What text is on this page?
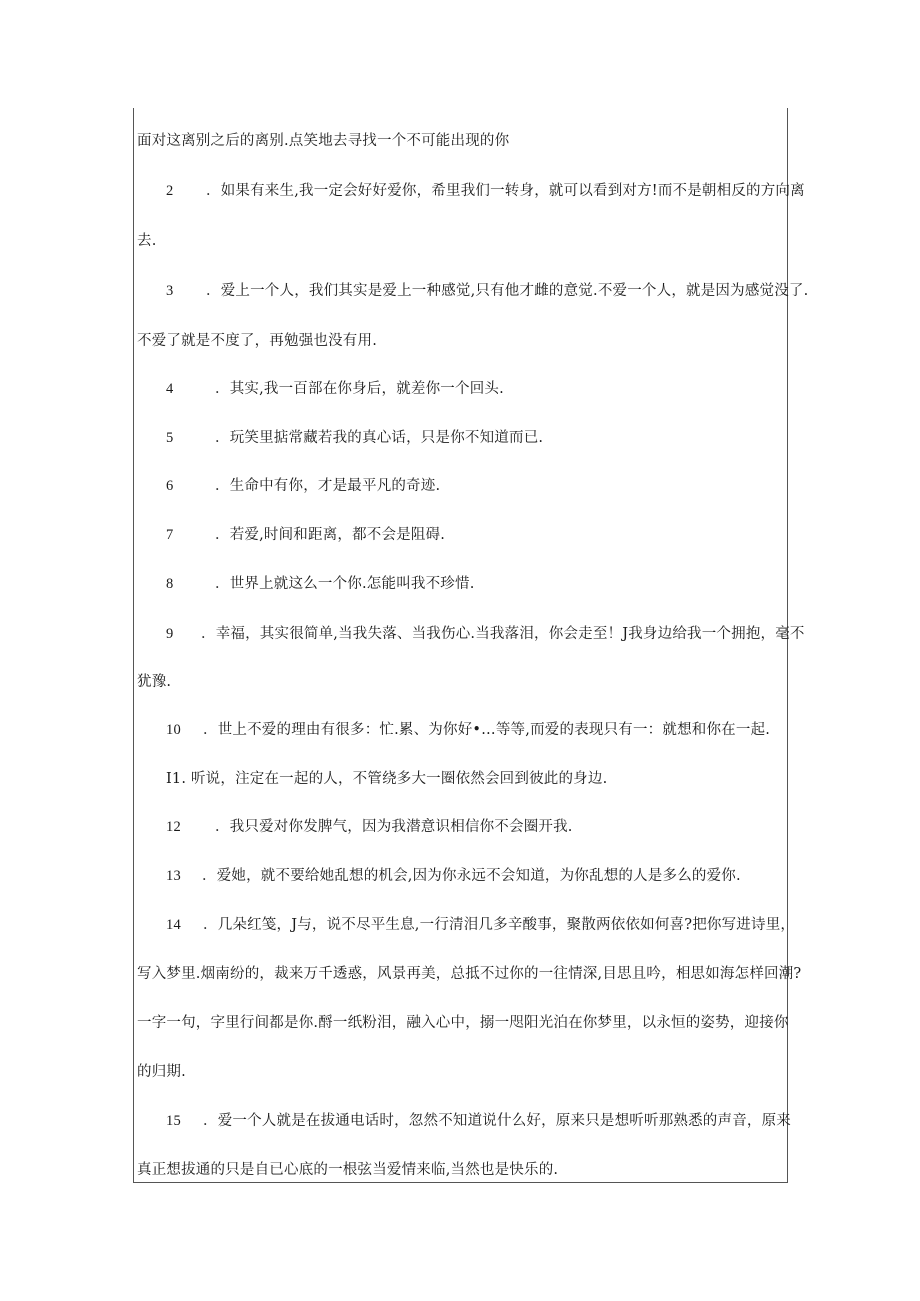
面对这离别之后的离别.点笑地去寻找一个不可能出现的你
2 ．如果有来生,我一定会好好爱你，希里我们一转身，就可以看到对方!而不是朝相反的方向离
去.
3 ．爱上一个人，我们其实是爱上一种感觉,只有他才雌的意觉.不爱一个人，就是因为感觉没了.
不爱了就是不度了，再勉强也没有用.
4	．其实,我一百部在你身后，就差你一个回头.
5	．玩笑里掂常藏若我的真心话，只是你不知道而已.
6	．生命中有你，才是最平凡的奇迹.
7	．若爱,时间和距离，都不会是阻碍.
8	．世界上就这么一个你.怎能叫我不珍惜.
9 ．幸福，其实很简单,当我失落、当我伤心.当我落泪，你会走至！J我身边给我一个拥抱，毫不
犹豫.
10 ．世上不爱的理由有很多：忙.累、为你好•…等等,而爱的表现只有一：就想和你在一起.
I1. 听说，注定在一起的人，不管绕多大一圈依然会回到彼此的身边.
12 ．我只爱对你发脾气，因为我潜意识相信你不会圈开我.
13 ．爱她，就不要给她乱想的机会,因为你永远不会知道，为你乱想的人是多么的爱你.
14 ．几朵红笺，J与，说不尽平生息,一行清泪几多辛酸事，聚散两依依如何喜?把你写进诗里，
写入梦里.烟南纷的，裁来万千透惑，风景再美，总抵不过你的一往情深,目思且吟，相思如海怎样回潮?
一字一句，字里行间都是你.酹一纸粉泪，融入心中，搦一咫阳光泊在你梦里，以永恒的姿势，迎接你
的归期.
15 ．爱一个人就是在拔通电话时，忽然不知道说什么好，原来只是想听听那熟悉的声音，原来
真正想拔通的只是自已心底的一根弦当爱情来临,当然也是快乐的.
